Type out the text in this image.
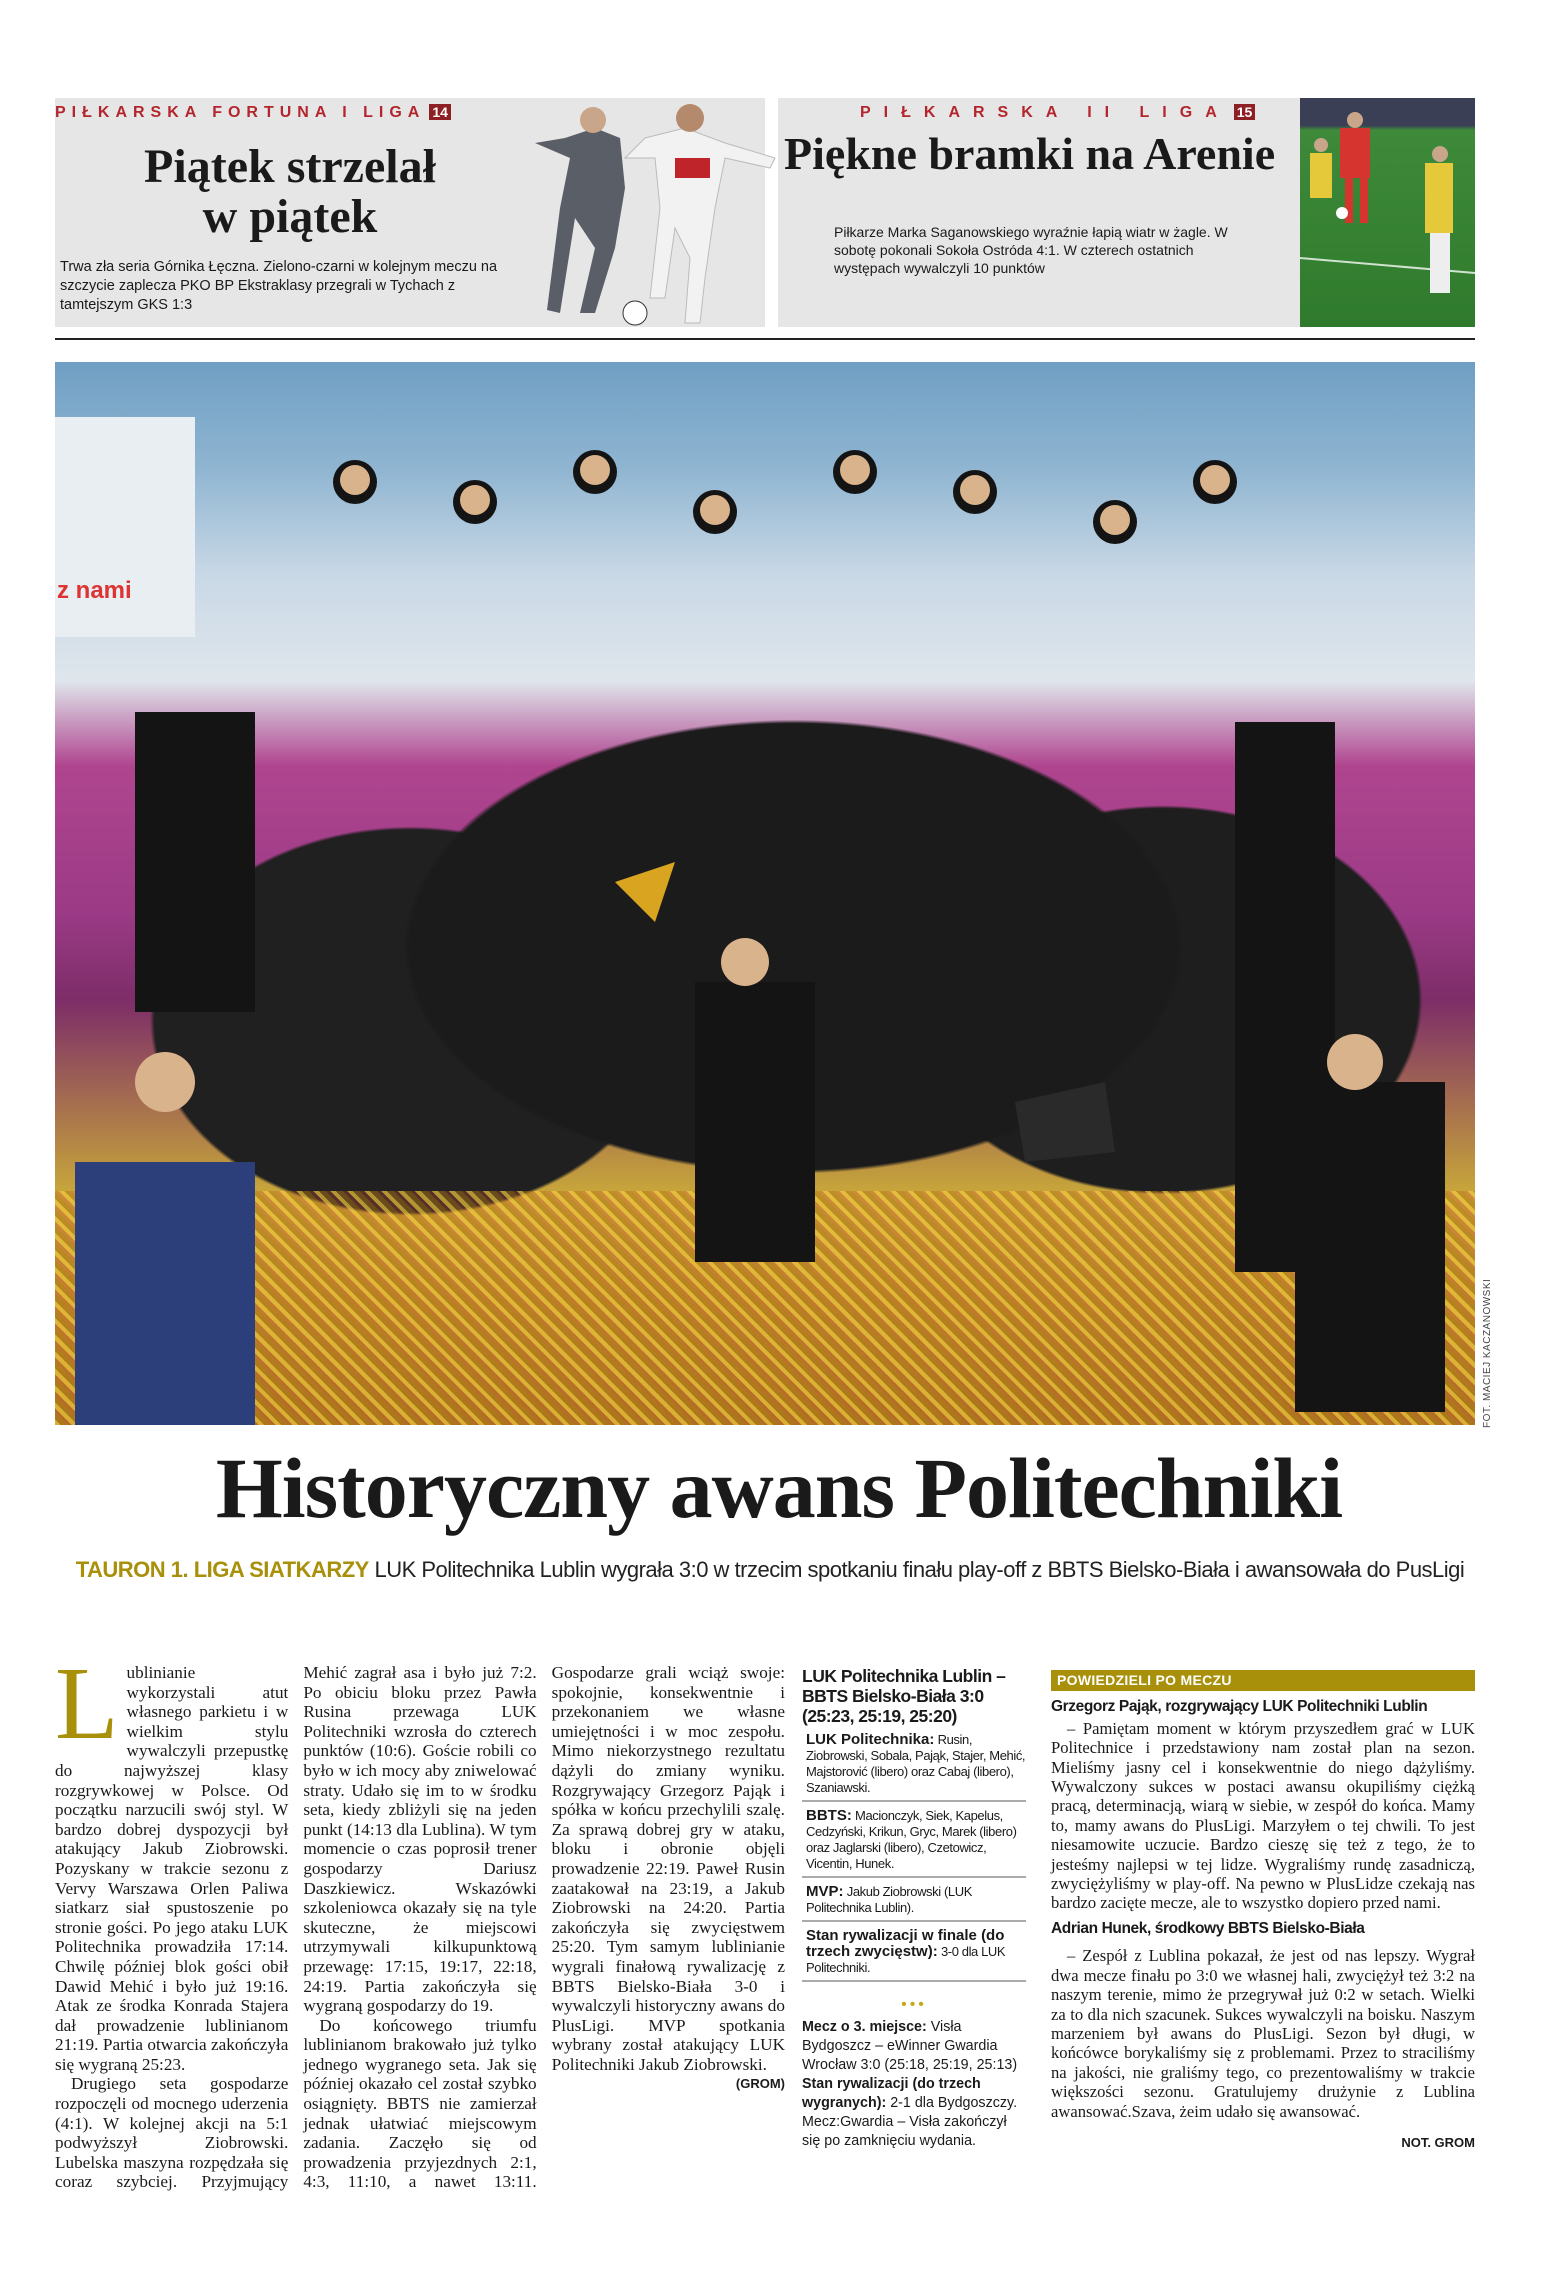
PIŁKARSKA FORTUNA I LIGA 14
Piątek strzelał
w piątek
Trwa zła seria Górnika Łęczna. Zielono-czarni w kolejnym meczu na szczycie zaplecza PKO BP Ekstraklasy przegrali w Tychach z tamtejszym GKS 1:3
PIŁKARSKA II LIGA 15
Piękne bramki na Arenie
Piłkarze Marka Saganowskiego wyraźnie łapią wiatr w żagle. W sobotę pokonali Sokoła Ostróda 4:1. W czterech ostatnich występach wywalczyli 10 punktów
z nami
FOT. MACIEJ KACZANOWSKI
Historyczny awans Politechniki
TAURON 1. LIGA SIATKARZY LUK Politechnika Lublin wygrała 3:0 w trzecim spotkaniu finału play-off z BBTS Bielsko-Biała i awansowała do PusLigi

Lublinianie wykorzystali atut własnego parkietu i w wielkim stylu wywalczyli przepustkę do najwyższej klasy rozgrywkowej w Polsce. Od początku narzucili swój styl. W bardzo dobrej dyspozycji był atakujący Jakub Ziobrowski. Pozyskany w trakcie sezonu z Vervy Warszawa Orlen Paliwa siatkarz siał spustoszenie po stronie gości. Po jego ataku LUK Politechnika prowadziła 17:14. Chwilę później blok gości obił Dawid Mehić i było już 19:16. Atak ze środka Konrada Stajera dał prowadzenie lublinianom 21:19. Partia otwarcia zakończyła się wygraną 25:23.

Drugiego seta gospodarze rozpoczęli od mocnego uderzenia (4:1). W kolejnej akcji na 5:1 podwyższył Ziobrowski. Lubelska maszyna rozpędzała się coraz szybciej. Przyjmujący Mehić zagrał asa i było już 7:2. Po obiciu bloku przez Pawła Rusina przewaga LUK Politechniki wzrosła do czterech punktów (10:6). Goście robili co było w ich mocy aby zniwelować straty. Udało się im to w środku seta, kiedy zbliżyli się na jeden punkt (14:13 dla Lublina). W tym momencie o czas poprosił trener gospodarzy Dariusz Daszkiewicz. Wskazówki szkoleniowca okazały się na tyle skuteczne, że miejscowi utrzymywali kilkupunktową przewagę: 17:15, 19:17, 22:18, 24:19. Partia zakończyła się wygraną gospodarzy do 19.

Do końcowego triumfu lublinianom brakowało już tylko jednego wygranego seta. Jak się później okazało cel został szybko osiągnięty. BBTS nie zamierzał jednak ułatwiać miejscowym zadania. Zaczęło się od prowadzenia przyjezdnych 2:1, 4:3, 11:10, a nawet 13:11. Gospodarze grali wciąż swoje: spokojnie, konsekwentnie i przekonaniem we własne umiejętności i w moc zespołu. Mimo niekorzystnego rezultatu dążyli do zmiany wyniku. Rozgrywający Grzegorz Pająk i spółka w końcu przechylili szalę. Za sprawą dobrej gry w ataku, bloku i obronie objęli prowadzenie 22:19. Paweł Rusin zaatakował na 23:19, a Jakub Ziobrowski na 24:20. Partia zakończyła się zwycięstwem 25:20. Tym samym lublinianie wygrali finałową rywalizację z BBTS Bielsko-Biała 3-0 i wywalczyli historyczny awans do PlusLigi. MVP spotkania wybrany został atakujący LUK Politechniki Jakub Ziobrowski.
(GROM)

LUK Politechnika Lublin – BBTS Bielsko-Biała 3:0 (25:23, 25:19, 25:20)
LUK Politechnika: Rusin, Ziobrowski, Sobala, Pająk, Stajer, Mehić, Majstorović (libero) oraz Cabaj (libero), Szaniawski.
BBTS: Macionczyk, Siek, Kapelus, Cedzyński, Krikun, Gryc, Marek (libero) oraz Jaglarski (libero), Czetowicz, Vicentin, Hunek.
MVP: Jakub Ziobrowski (LUK Politechnika Lublin).
Stan rywalizacji w finale (do trzech zwycięstw): 3-0 dla LUK Politechniki.
•••
Mecz o 3. miejsce: Visła Bydgoszcz – eWinner Gwardia Wrocław 3:0 (25:18, 25:19, 25:13)
Stan rywalizacji (do trzech wygranych): 2-1 dla Bydgoszczy. Mecz:Gwardia – Visła zakończył się po zamknięciu wydania.
POWIEDZIELI PO MECZU
Grzegorz Pająk, rozgrywający LUK Politechniki Lublin

– Pamiętam moment w którym przyszedłem grać w LUK Politechnice i przedstawiony nam został plan na sezon. Mieliśmy jasny cel i konsekwentnie do niego dążyliśmy. Wywalczony sukces w postaci awansu okupiliśmy ciężką pracą, determinacją, wiarą w siebie, w zespół do końca. Mamy to, mamy awans do PlusLigi. Marzyłem o tej chwili. To jest niesamowite uczucie. Bardzo cieszę się też z tego, że to jesteśmy najlepsi w tej lidze. Wygraliśmy rundę zasadniczą, zwyciężyliśmy w play-off. Na pewno w PlusLidze czekają nas bardzo zacięte mecze, ale to wszystko dopiero przed nami.

Adrian Hunek, środkowy BBTS Bielsko-Biała

– Zespół z Lublina pokazał, że jest od nas lepszy. Wygrał dwa mecze finału po 3:0 we własnej hali, zwyciężył też 3:2 na naszym terenie, mimo że przegrywał już 0:2 w setach. Wielki za to dla nich szacunek. Sukces wywalczyli na boisku. Naszym marzeniem był awans do PlusLigi. Sezon był długi, w końcówce borykaliśmy się z problemami. Przez to straciliśmy na jakości, nie graliśmy tego, co prezentowaliśmy w trakcie większości sezonu. Gratulujemy drużynie z Lublina awansować.Szava, żeim udało się awansować.

NOT. GROM
